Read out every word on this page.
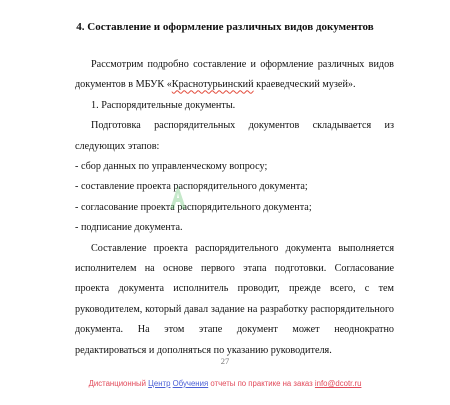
4. Составление и оформление различных видов документов

Рассмотрим подробно составление и оформление различных видов документов в МБУК «Краснотурьинский краеведческий музей».

1. Распорядительные документы.

Подготовка распорядительных документов складывается из следующих этапов:

- сбор данных по управленческому вопросу;

- составление проекта распорядительного документа;

- согласование проекта распорядительного документа;

- подписание документа.

Составление проекта распорядительного документа выполняется исполнителем на основе первого этапа подготовки. Согласование проекта документа исполнитель проводит, прежде всего, с тем руководителем, который давал задание на разработку распорядительного документа. На этом этапе документ может неоднократно редактироваться и дополняться по указанию руководителя.

27
Дистанционный Центр Обучения отчеты по практике на заказ info@dcotr.ru
